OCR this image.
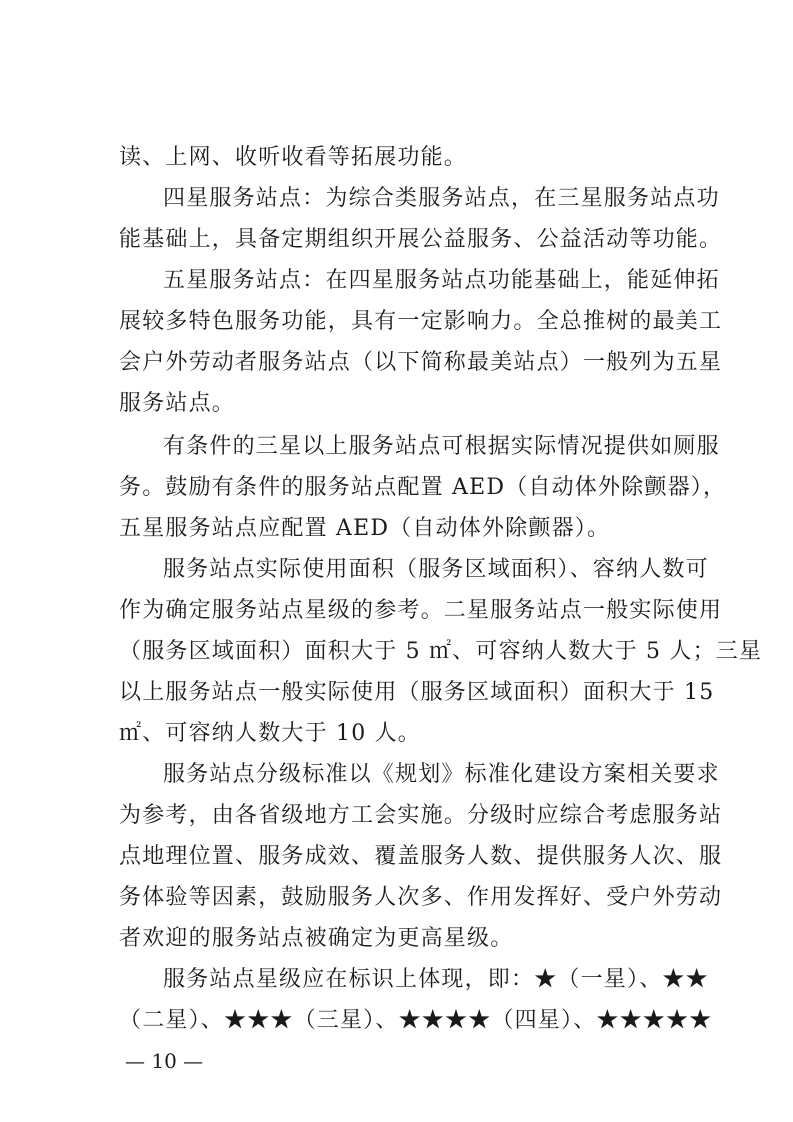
读、上网、收听收看等拓展功能。
四星服务站点：为综合类服务站点，在三星服务站点功
能基础上，具备定期组织开展公益服务、公益活动等功能。
五星服务站点：在四星服务站点功能基础上，能延伸拓
展较多特色服务功能，具有一定影响力。全总推树的最美工
会户外劳动者服务站点（以下简称最美站点）一般列为五星
服务站点。
有条件的三星以上服务站点可根据实际情况提供如厕服
务。鼓励有条件的服务站点配置 AED（自动体外除颤器），
五星服务站点应配置 AED（自动体外除颤器）。
服务站点实际使用面积（服务区域面积）、容纳人数可
作为确定服务站点星级的参考。二星服务站点一般实际使用
（服务区域面积）面积大于 5 ㎡、可容纳人数大于 5 人；三星
以上服务站点一般实际使用（服务区域面积）面积大于 15
㎡、可容纳人数大于 10 人。
服务站点分级标准以《规划》标准化建设方案相关要求
为参考，由各省级地方工会实施。分级时应综合考虑服务站
点地理位置、服务成效、覆盖服务人数、提供服务人次、服
务体验等因素，鼓励服务人次多、作用发挥好、受户外劳动
者欢迎的服务站点被确定为更高星级。
服务站点星级应在标识上体现，即：★（一星）、★★
（二星）、★★★（三星）、★★★★（四星）、★★★★★
— 10 —
